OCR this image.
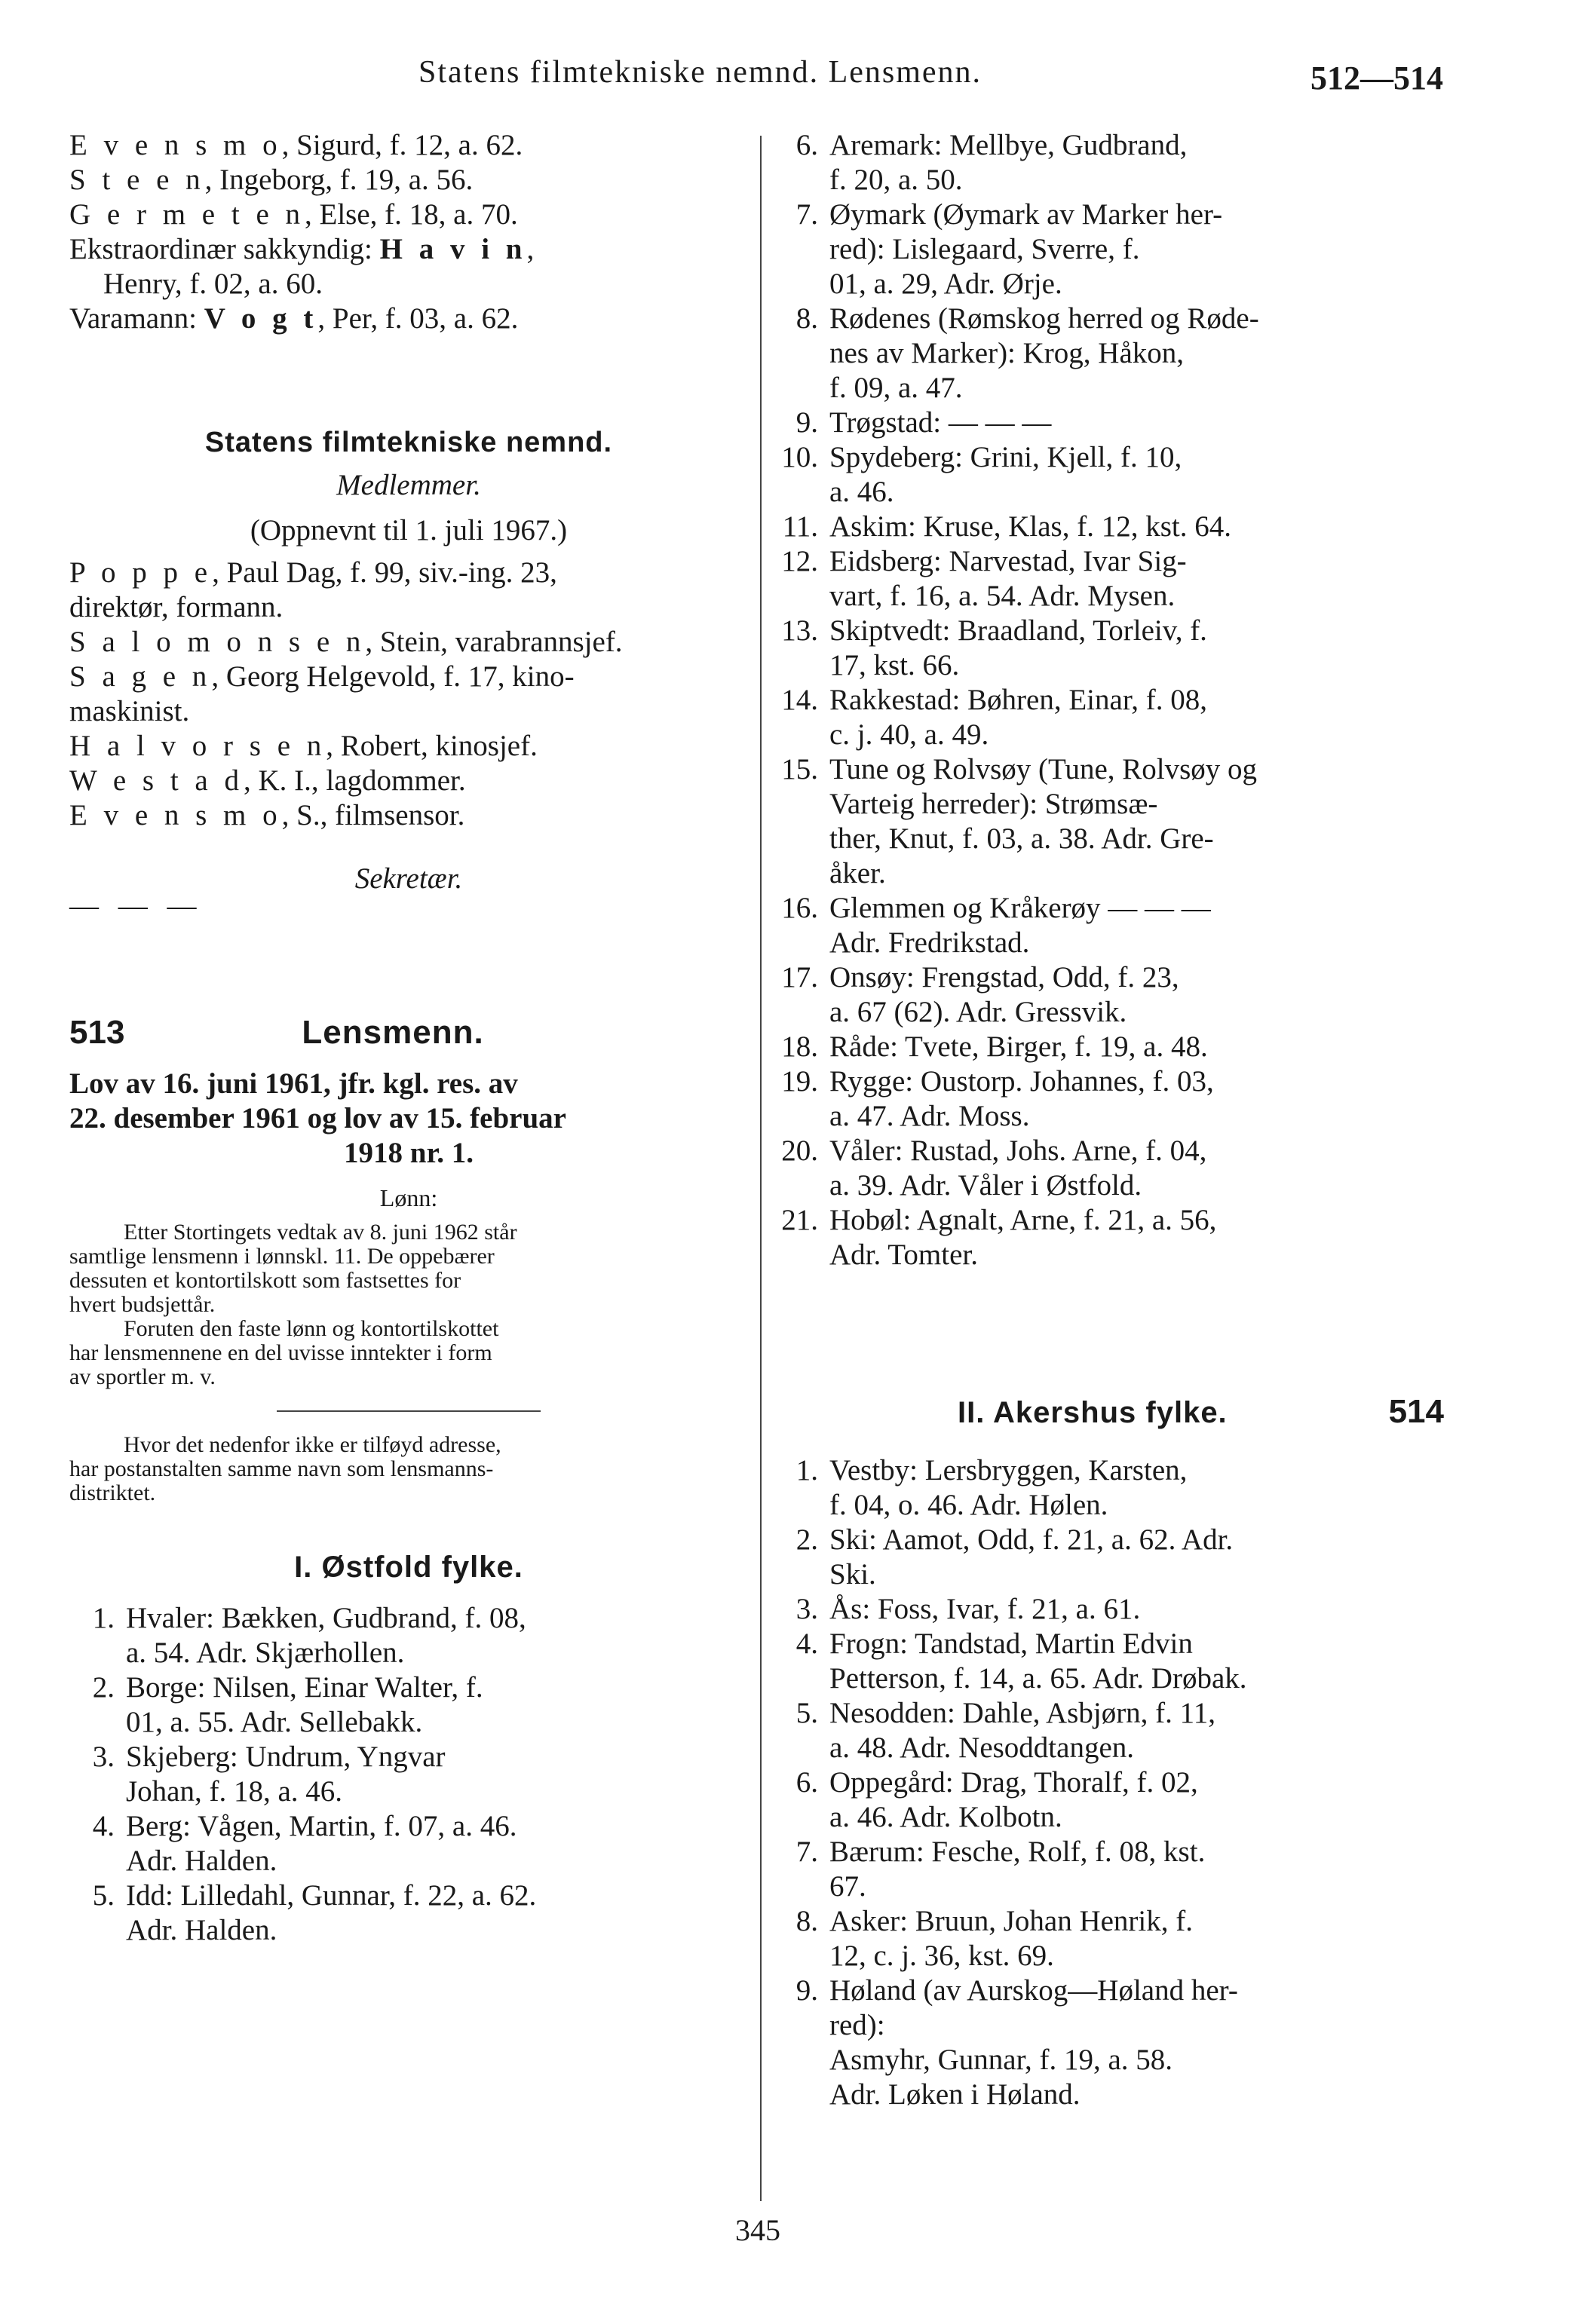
Statens filmtekniske nemnd. Lensmenn.	512—514
E v e n s m o, Sigurd, f. 12, a. 62.
S t e e n, Ingeborg, f. 19, a. 56.
G e r m e t e n, Else, f. 18, a. 70.
Ekstraordinær sakkyndig: H a v i n,
Henry, f. 02, a. 60.
Varamann: V o g t, Per, f. 03, a. 62.
Statens filmtekniske nemnd.
Medlemmer.
(Oppnevnt til 1. juli 1967.)
P o p p e, Paul Dag, f. 99, siv.-ing. 23,
direktør, formann.
S a l o m o n s e n, Stein, varabrannsjef.
S a g e n, Georg Helgevold, f. 17, kino-
maskinist.
H a l v o r s e n, Robert, kinosjef.
W e s t a d, K. I., lagdommer.
E v e n s m o, S., filmsensor.
Sekretær.
— — —
513	Lensmenn.
Lov av 16. juni 1961, jfr. kgl. res. av
22. desember 1961 og lov av 15. februar
1918 nr. 1.
Lønn:
Etter Stortingets vedtak av 8. juni 1962 står
samtlige lensmenn i lønnskl. 11. De oppebærer
dessuten et kontortilskott som fastsettes for
hvert budsjettår.
Foruten den faste lønn og kontortilskottet
har lensmennene en del uvisse inntekter i form
av sportler m. v.
Hvor det nedenfor ikke er tilføyd adresse,
har postanstalten samme navn som lensmanns-
distriktet.
I. Østfold fylke.
1. Hvaler: Bækken, Gudbrand, f. 08,
a. 54. Adr. Skjærhollen.
2. Borge: Nilsen, Einar Walter, f.
01, a. 55. Adr. Sellebakk.
3. Skjeberg: Undrum, Yngvar
Johan, f. 18, a. 46.
4. Berg: Vågen, Martin, f. 07, a. 46.
Adr. Halden.
5. Idd: Lilledahl, Gunnar, f. 22, a. 62.
Adr. Halden.
6. Aremark: Mellbye, Gudbrand,
f. 20, a. 50.
7. Øymark (Øymark av Marker her-
red): Lislegaard, Sverre, f.
01, a. 29, Adr. Ørje.
8. Rødenes (Rømskog herred og Røde-
nes av Marker): Krog, Håkon,
f. 09, a. 47.
9. Trøgstad: — — —
10. Spydeberg: Grini, Kjell, f. 10,
a. 46.
11. Askim: Kruse, Klas, f. 12, kst. 64.
12. Eidsberg: Narvestad, Ivar Sig-
vart, f. 16, a. 54. Adr. Mysen.
13. Skiptvedt: Braadland, Torleiv, f.
17, kst. 66.
14. Rakkestad: Bøhren, Einar, f. 08,
c. j. 40, a. 49.
15. Tune og Rolvsøy (Tune, Rolvsøy og
Varteig herreder): Strømsæ-
ther, Knut, f. 03, a. 38. Adr. Gre-
åker.
16. Glemmen og Kråkerøy — — —
Adr. Fredrikstad.
17. Onsøy: Frengstad, Odd, f. 23,
a. 67 (62). Adr. Gressvik.
18. Råde: Tvete, Birger, f. 19, a. 48.
19. Rygge: Oustorp. Johannes, f. 03,
a. 47. Adr. Moss.
20. Våler: Rustad, Johs. Arne, f. 04,
a. 39. Adr. Våler i Østfold.
21. Hobøl: Agnalt, Arne, f. 21, a. 56,
Adr. Tomter.
II. Akershus fylke.	514
1. Vestby: Lersbryggen, Karsten,
f. 04, o. 46. Adr. Hølen.
2. Ski: Aamot, Odd, f. 21, a. 62. Adr.
Ski.
3. Ås: Foss, Ivar, f. 21, a. 61.
4. Frogn: Tandstad, Martin Edvin
Petterson, f. 14, a. 65. Adr. Drøbak.
5. Nesodden: Dahle, Asbjørn, f. 11,
a. 48. Adr. Nesoddtangen.
6. Oppegård: Drag, Thoralf, f. 02,
a. 46. Adr. Kolbotn.
7. Bærum: Fesche, Rolf, f. 08, kst.
67.
8. Asker: Bruun, Johan Henrik, f.
12, c. j. 36, kst. 69.
9. Høland (av Aurskog—Høland her-
red):
Asmyhr, Gunnar, f. 19, a. 58.
Adr. Løken i Høland.
345
